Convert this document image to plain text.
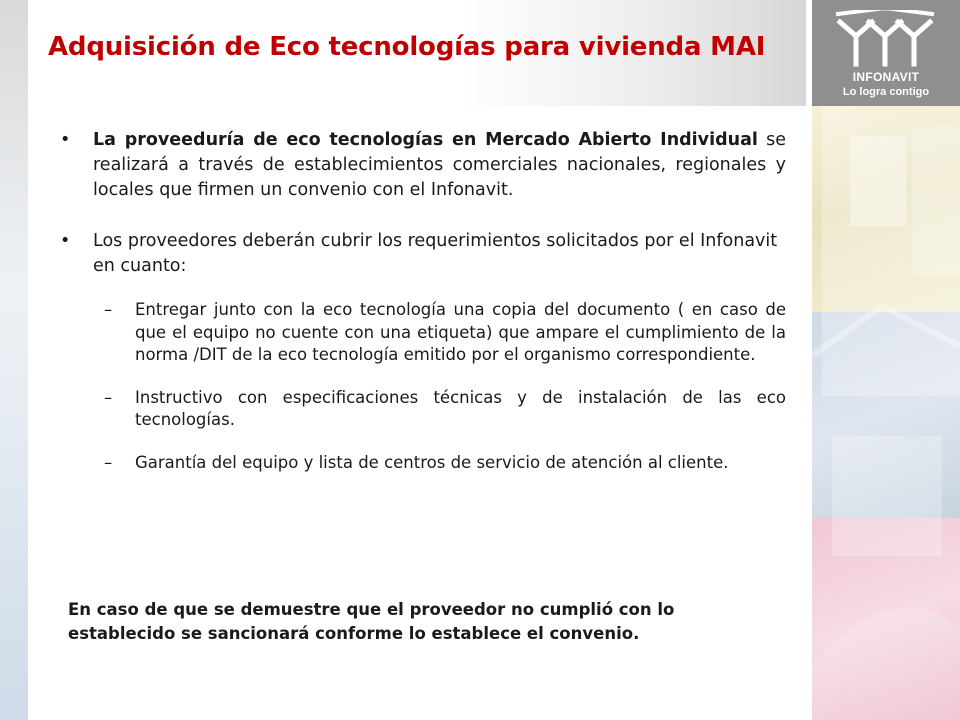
Adquisición de Eco tecnologías para vivienda MAI
INFONAVIT
Lo logra contigo
• La proveeduría de eco tecnologías en Mercado Abierto Individual se realizará a través de establecimientos comerciales nacionales, regionales y locales que firmen un convenio con el Infonavit.
• Los proveedores deberán cubrir los requerimientos solicitados por el Infonavit en cuanto:
– Entregar junto con la eco tecnología una copia del documento ( en caso de que el equipo no cuente con una etiqueta) que ampare el cumplimiento de la norma /DIT de la eco tecnología emitido por el organismo correspondiente.
– Instructivo con especificaciones técnicas y de instalación de las eco tecnologías.
– Garantía del equipo y lista de centros de servicio de atención al cliente.
En caso de que se demuestre que el proveedor no cumplió con lo establecido se sancionará conforme lo establece el convenio.
